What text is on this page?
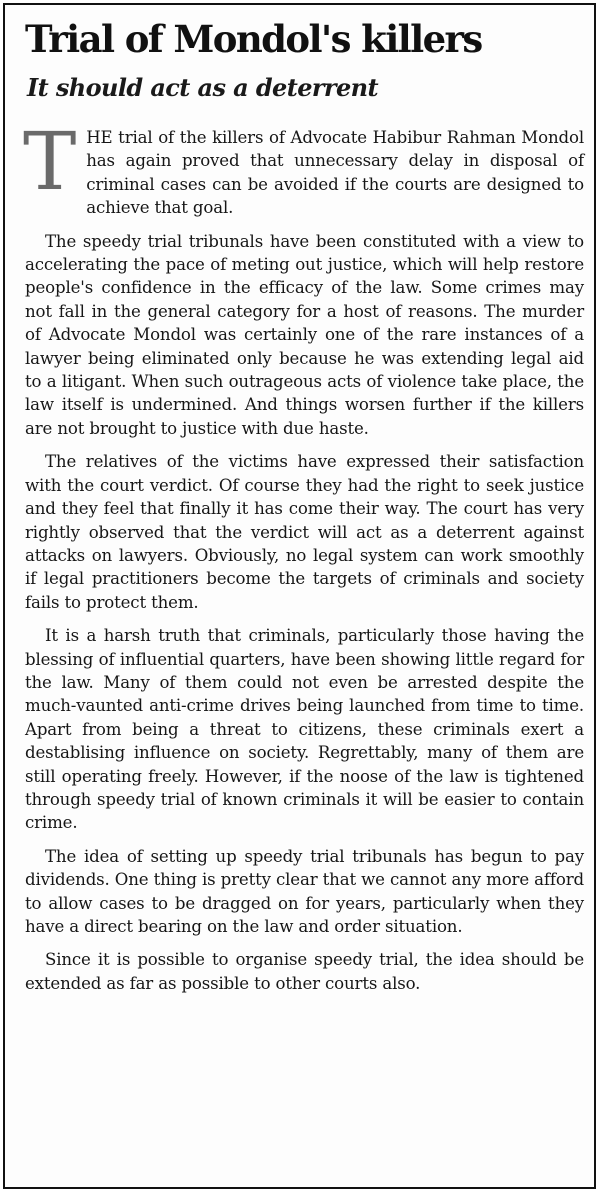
Trial of Mondol's killers
It should act as a deterrent

THE trial of the killers of Advocate Habibur Rahman Mondol has again proved that unnecessary delay in disposal of criminal cases can be avoided if the courts are designed to achieve that goal.

The speedy trial tribunals have been constituted with a view to accelerating the pace of meting out justice, which will help restore people's confidence in the efficacy of the law. Some crimes may not fall in the general category for a host of reasons. The murder of Advocate Mondol was certainly one of the rare instances of a lawyer being eliminated only because he was extending legal aid to a litigant. When such outrageous acts of violence take place, the law itself is undermined. And things worsen further if the killers are not brought to justice with due haste.

The relatives of the victims have expressed their satisfaction with the court verdict. Of course they had the right to seek justice and they feel that finally it has come their way. The court has very rightly observed that the verdict will act as a deterrent against attacks on lawyers. Obviously, no legal system can work smoothly if legal practitioners become the targets of criminals and society fails to protect them.

It is a harsh truth that criminals, particularly those having the blessing of influential quarters, have been showing little regard for the law. Many of them could not even be arrested despite the much-vaunted anti-crime drives being launched from time to time. Apart from being a threat to citizens, these criminals exert a destablising influence on society. Regrettably, many of them are still operating freely. However, if the noose of the law is tightened through speedy trial of known criminals it will be easier to contain crime.

The idea of setting up speedy trial tribunals has begun to pay dividends. One thing is pretty clear that we cannot any more afford to allow cases to be dragged on for years, particularly when they have a direct bearing on the law and order situation.

Since it is possible to organise speedy trial, the idea should be extended as far as possible to other courts also.
